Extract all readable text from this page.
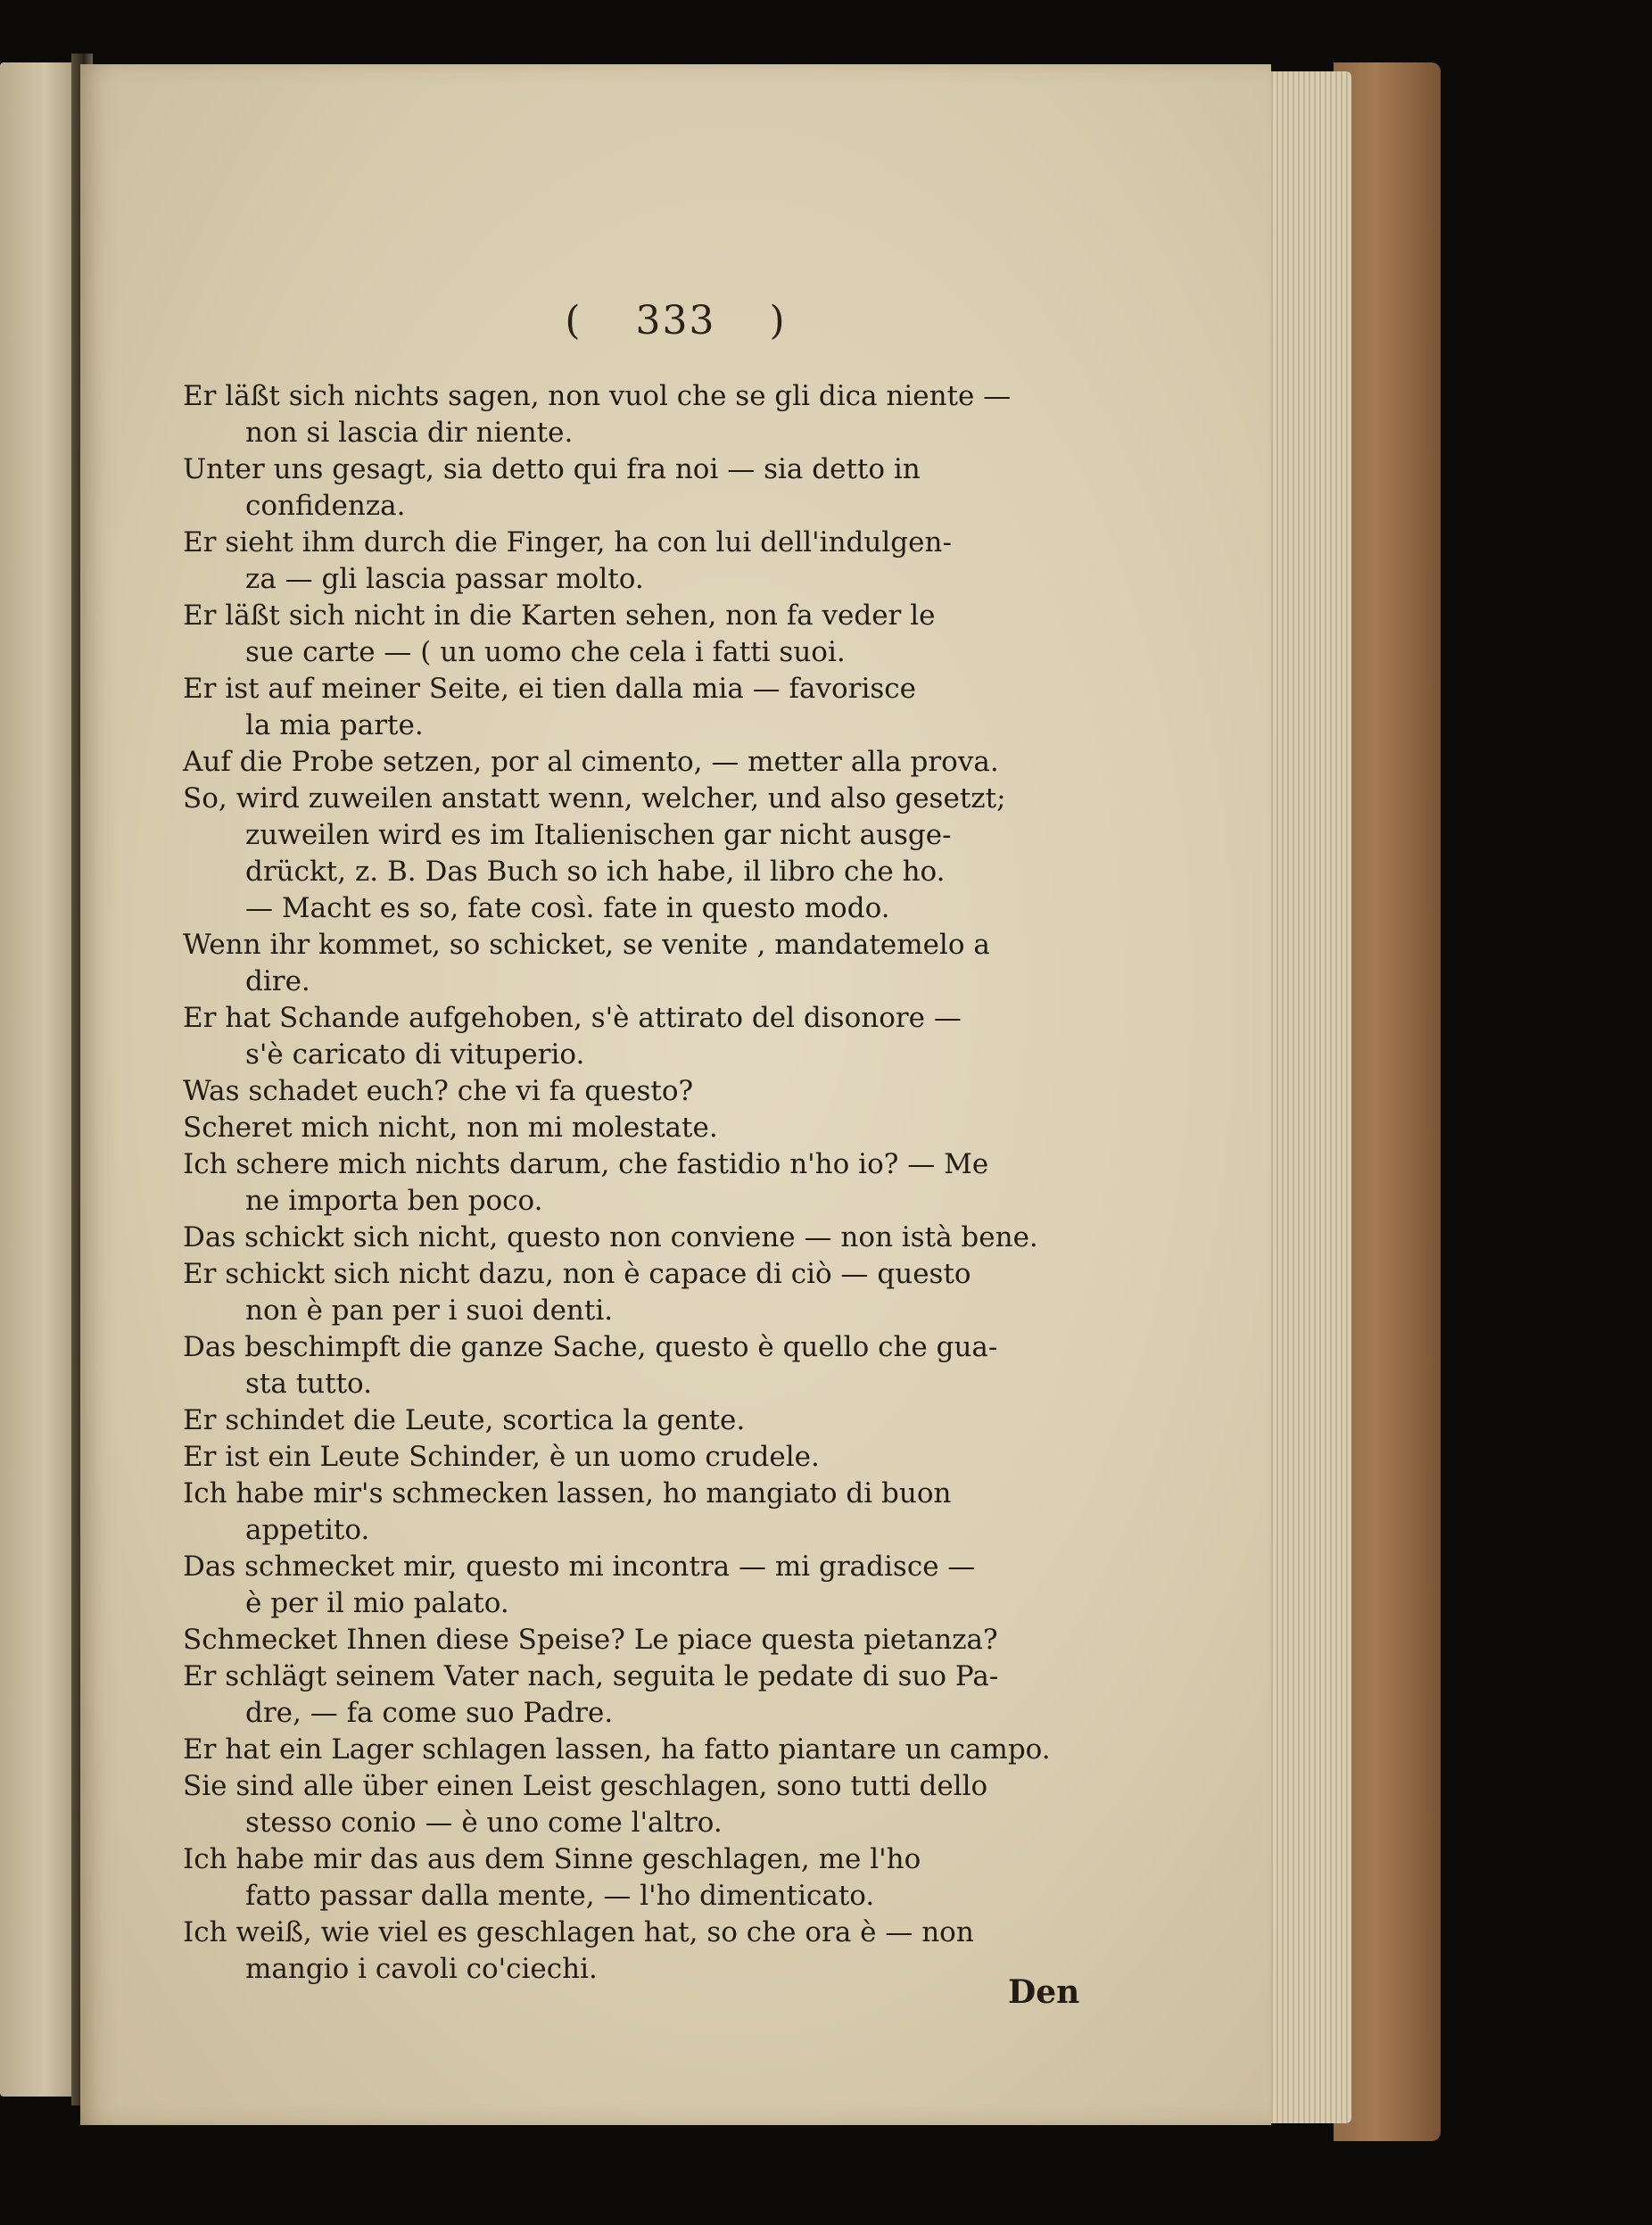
( 333 )

Er läßt sich nichts sagen, non vuol che se gli dica niente —
non si lascia dir niente.

Unter uns gesagt, sia detto qui fra noi — sia detto in
confidenza.

Er sieht ihm durch die Finger, ha con lui dell'indulgen-
za — gli lascia passar molto.

Er läßt sich nicht in die Karten sehen, non fa veder le
sue carte — ( un uomo che cela i fatti suoi.

Er ist auf meiner Seite, ei tien dalla mia — favorisce
la mia parte.

Auf die Probe setzen, por al cimento, — metter alla prova.

So, wird zuweilen anstatt wenn, welcher, und also gesetzt;
zuweilen wird es im Italienischen gar nicht ausge-
drückt, z. B. Das Buch so ich habe, il libro che ho.
— Macht es so, fate così. fate in questo modo.

Wenn ihr kommet, so schicket, se venite , mandatemelo a
dire.

Er hat Schande aufgehoben, s'è attirato del disonore —
s'è caricato di vituperio.

Was schadet euch? che vi fa questo?

Scheret mich nicht, non mi molestate.

Ich schere mich nichts darum, che fastidio n'ho io? — Me
ne importa ben poco.

Das schickt sich nicht, questo non conviene — non istà bene.

Er schickt sich nicht dazu, non è capace di ciò — questo
non è pan per i suoi denti.

Das beschimpft die ganze Sache, questo è quello che gua-
sta tutto.

Er schindet die Leute, scortica la gente.

Er ist ein Leute Schinder, è un uomo crudele.

Ich habe mir's schmecken lassen, ho mangiato di buon
appetito.

Das schmecket mir, questo mi incontra — mi gradisce —
è per il mio palato.

Schmecket Ihnen diese Speise? Le piace questa pietanza?

Er schlägt seinem Vater nach, seguita le pedate di suo Pa-
dre, — fa come suo Padre.

Er hat ein Lager schlagen lassen, ha fatto piantare un campo.

Sie sind alle über einen Leist geschlagen, sono tutti dello
stesso conio — è uno come l'altro.

Ich habe mir das aus dem Sinne geschlagen, me l'ho
fatto passar dalla mente, — l'ho dimenticato.

Ich weiß, wie viel es geschlagen hat, so che ora è — non
mangio i cavoli co'ciechi.

Den
